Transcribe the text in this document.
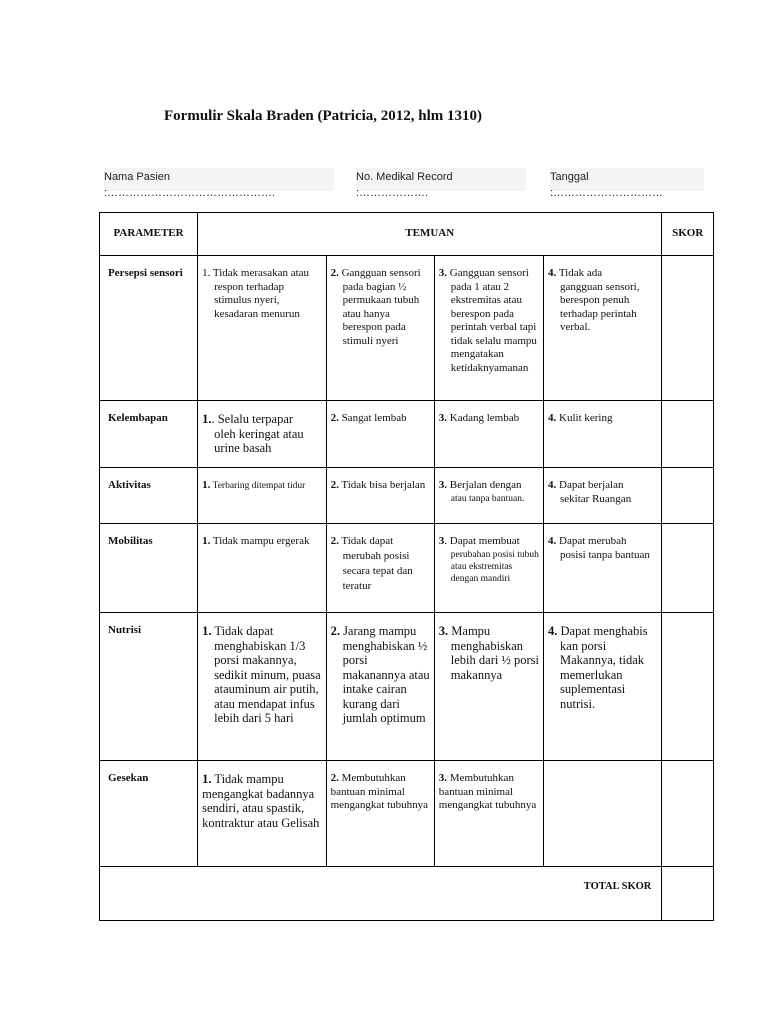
Formulir Skala Braden (Patricia, 2012, hlm 1310)
Nama Pasien :……………………………………….
No. Medikal Record :……………….
Tanggal :…………………………
PARAMETER	TEMUAN				SKOR
Persepsi sensori	1. Tidak merasakan atau
respon terhadap stimulus nyeri, kesadaran menurun	2. Gangguan sensori
pada bagian ½ permukaan tubuh atau hanya berespon pada stimuli nyeri	3. Gangguan sensori
pada 1 atau 2 ekstremitas atau berespon pada perintah verbal tapi tidak selalu mampu mengatakan ketidaknyamanan	4. Tidak ada
gangguan sensori, berespon penuh terhadap perintah verbal.	

Kelembapan	1.. Selalu terpapar
oleh keringat atau urine basah	2. Sangat lembab	3. Kadang lembab	4. Kulit kering	

Aktivitas	1. Terbaring ditempat tidur	2. Tidak bisa berjalan	3. Berjalan dengan
atau tanpa bantuan.	4. Dapat berjalan
sekitar Ruangan	

Mobilitas	1. Tidak mampu ergerak	2. Tidak dapat
merubah posisi secara tepat dan teratur	3. Dapat membuat
perubahan posisi tubuh atau ekstremitas dengan mandiri	4. Dapat merubah
posisi tanpa bantuan	

Nutrisi	1. Tidak dapat
menghabiskan 1/3 porsi makannya, sedikit minum, puasa atauminum air putih, atau mendapat infus lebih dari 5 hari	2. Jarang mampu
menghabiskan ½ porsi makanannya atau intake cairan kurang dari jumlah optimum	3. Mampu
menghabiskan lebih dari ½ porsi makannya	4. Dapat menghabis
kan porsi Makannya, tidak memerlukan suplementasi nutrisi.	

Gesekan	1. Tidak mampu
mengangkat badannya sendiri, atau spastik, kontraktur atau Gelisah	2. Membutuhkan
bantuan minimal mengangkat tubuhnya	3. Membutuhkan
bantuan minimal mengangkat tubuhnya		

TOTAL SKOR					
